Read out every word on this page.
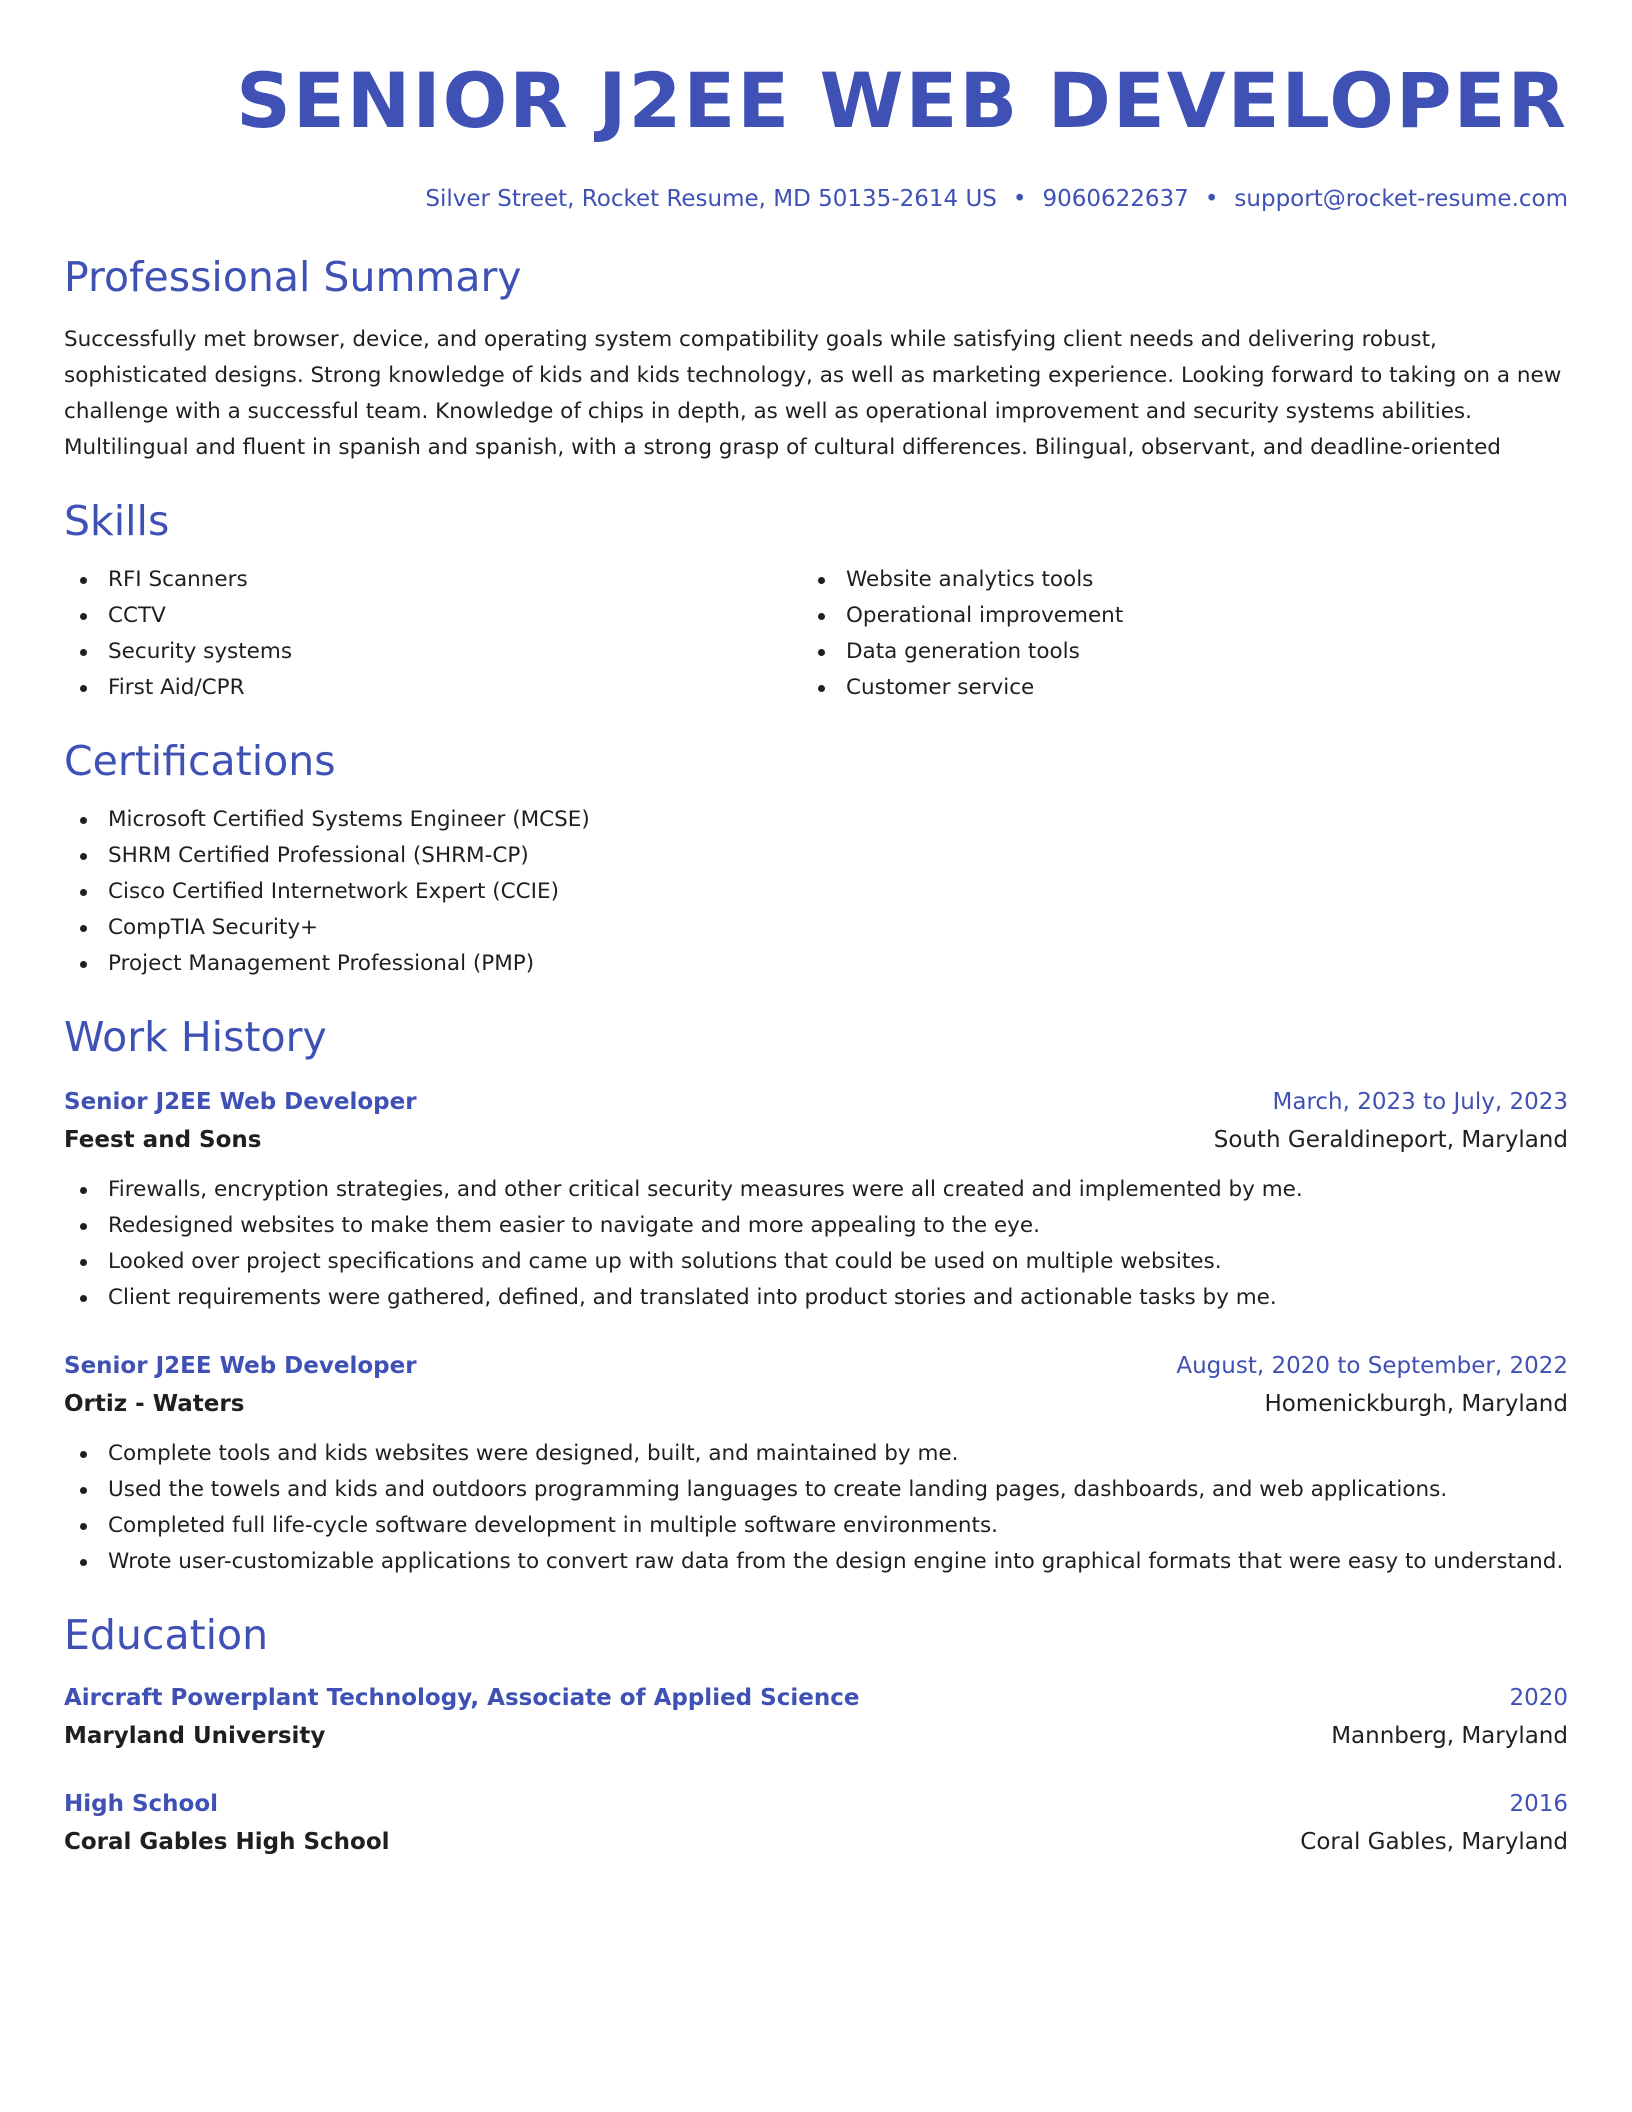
SENIOR J2EE WEB DEVELOPER
Silver Street, Rocket Resume, MD 50135-2614 US • 9060622637 • support@rocket-resume.com
Professional Summary
Successfully met browser, device, and operating system compatibility goals while satisfying client needs and delivering robust, sophisticated designs. Strong knowledge of kids and kids technology, as well as marketing experience. Looking forward to taking on a new challenge with a successful team. Knowledge of chips in depth, as well as operational improvement and security systems abilities. Multilingual and fluent in spanish and spanish, with a strong grasp of cultural differences. Bilingual, observant, and deadline-oriented
Skills
RFI Scanners
CCTV
Security systems
First Aid/CPR
Website analytics tools
Operational improvement
Data generation tools
Customer service
Certifications
Microsoft Certified Systems Engineer (MCSE)
SHRM Certified Professional (SHRM-CP)
Cisco Certified Internetwork Expert (CCIE)
CompTIA Security+
Project Management Professional (PMP)
Work History
Senior J2EE Web Developer	March, 2023 to July, 2023
Feest and Sons	South Geraldineport, Maryland
Firewalls, encryption strategies, and other critical security measures were all created and implemented by me.
Redesigned websites to make them easier to navigate and more appealing to the eye.
Looked over project specifications and came up with solutions that could be used on multiple websites.
Client requirements were gathered, defined, and translated into product stories and actionable tasks by me.
Senior J2EE Web Developer	August, 2020 to September, 2022
Ortiz - Waters	Homenickburgh, Maryland
Complete tools and kids websites were designed, built, and maintained by me.
Used the towels and kids and outdoors programming languages to create landing pages, dashboards, and web applications.
Completed full life-cycle software development in multiple software environments.
Wrote user-customizable applications to convert raw data from the design engine into graphical formats that were easy to understand.
Education
Aircraft Powerplant Technology, Associate of Applied Science	2020
Maryland University	Mannberg, Maryland
High School	2016
Coral Gables High School	Coral Gables, Maryland
